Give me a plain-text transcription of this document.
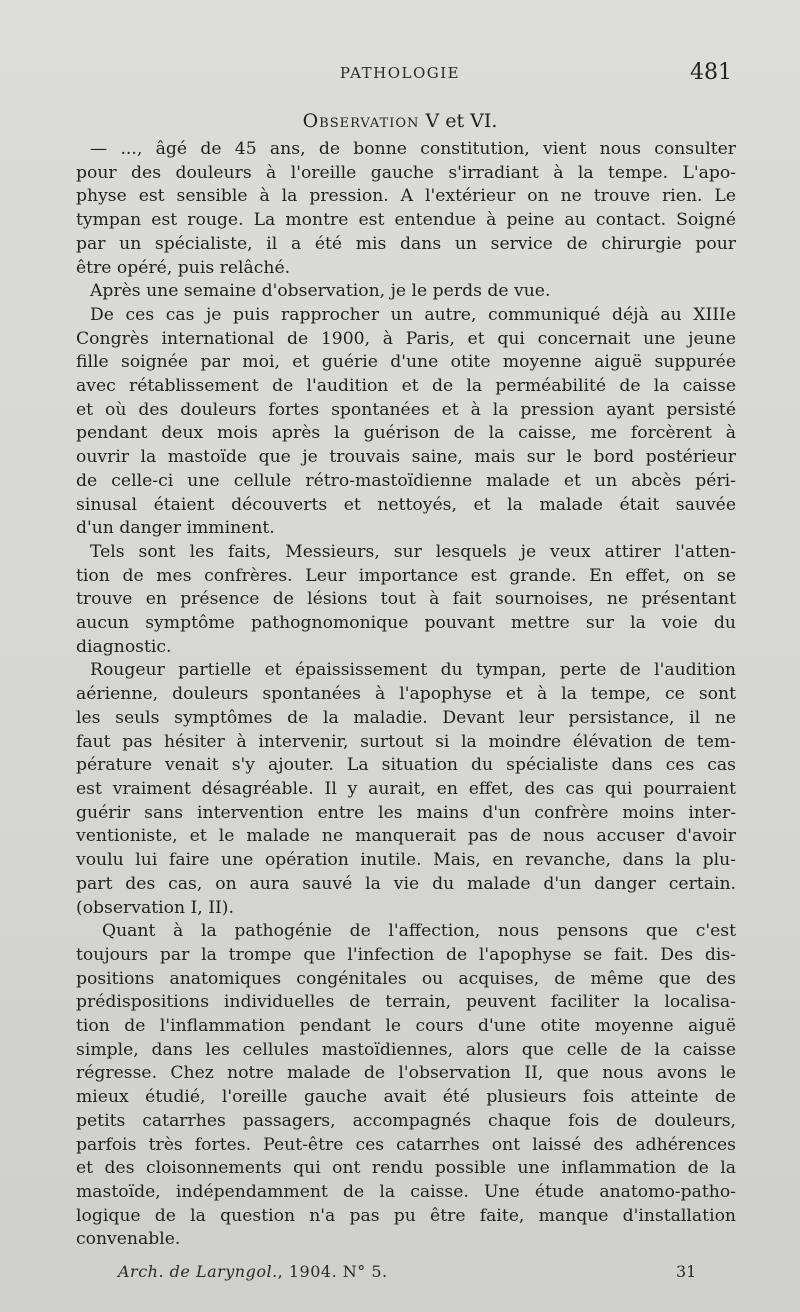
PATHOLOGIE	481
Observation V et VI.
— ..., âgé de 45 ans, de bonne constitution, vient nous consulter
pour des douleurs à l'oreille gauche s'irradiant à la tempe. L'apo-
physe est sensible à la pression. A l'extérieur on ne trouve rien. Le
tympan est rouge. La montre est entendue à peine au contact. Soigné
par un spécialiste, il a été mis dans un service de chirurgie pour
être opéré, puis relâché.
Après une semaine d'observation, je le perds de vue.
De ces cas je puis rapprocher un autre, communiqué déjà au XIIIe
Congrès international de 1900, à Paris, et qui concernait une jeune
fille soignée par moi, et guérie d'une otite moyenne aiguë suppurée
avec rétablissement de l'audition et de la perméabilité de la caisse
et où des douleurs fortes spontanées et à la pression ayant persisté
pendant deux mois après la guérison de la caisse, me forcèrent à
ouvrir la mastoïde que je trouvais saine, mais sur le bord postérieur
de celle-ci une cellule rétro-mastoïdienne malade et un abcès péri-
sinusal étaient découverts et nettoyés, et la malade était sauvée
d'un danger imminent.
Tels sont les faits, Messieurs, sur lesquels je veux attirer l'atten-
tion de mes confrères. Leur importance est grande. En effet, on se
trouve en présence de lésions tout à fait sournoises, ne présentant
aucun symptôme pathognomonique pouvant mettre sur la voie du
diagnostic.
Rougeur partielle et épaississement du tympan, perte de l'audition
aérienne, douleurs spontanées à l'apophyse et à la tempe, ce sont
les seuls symptômes de la maladie. Devant leur persistance, il ne
faut pas hésiter à intervenir, surtout si la moindre élévation de tem-
pérature venait s'y ajouter. La situation du spécialiste dans ces cas
est vraiment désagréable. Il y aurait, en effet, des cas qui pourraient
guérir sans intervention entre les mains d'un confrère moins inter-
ventioniste, et le malade ne manquerait pas de nous accuser d'avoir
voulu lui faire une opération inutile. Mais, en revanche, dans la plu-
part des cas, on aura sauvé la vie du malade d'un danger certain.
(observation I, II).
Quant à la pathogénie de l'affection, nous pensons que c'est
toujours par la trompe que l'infection de l'apophyse se fait. Des dis-
positions anatomiques congénitales ou acquises, de même que des
prédispositions individuelles de terrain, peuvent faciliter la localisa-
tion de l'inflammation pendant le cours d'une otite moyenne aiguë
simple, dans les cellules mastoïdiennes, alors que celle de la caisse
régresse. Chez notre malade de l'observation II, que nous avons le
mieux étudié, l'oreille gauche avait été plusieurs fois atteinte de
petits catarrhes passagers, accompagnés chaque fois de douleurs,
parfois très fortes. Peut-être ces catarrhes ont laissé des adhérences
et des cloisonnements qui ont rendu possible une inflammation de la
mastoïde, indépendamment de la caisse. Une étude anatomo-patho-
logique de la question n'a pas pu être faite, manque d'installation
convenable.
Arch. de Laryngol., 1904. N° 5.	31
